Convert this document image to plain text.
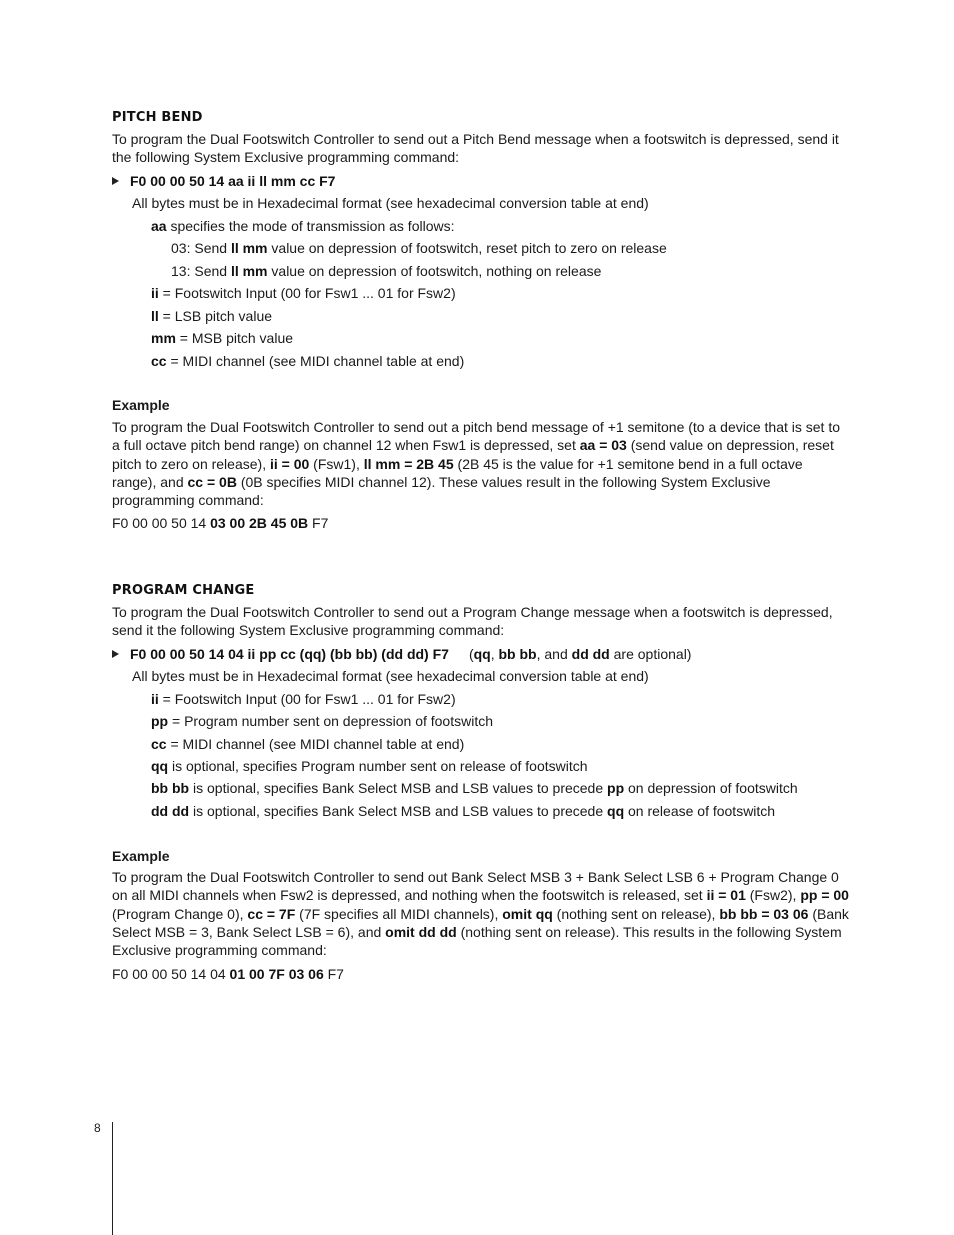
PITCH BEND

To program the Dual Footswitch Controller to send out a Pitch Bend message when a footswitch is depressed, send it the following System Exclusive programming command:

F0 00 00 50 14 aa ii ll mm cc F7
All bytes must be in Hexadecimal format (see hexadecimal conversion table at end)
aa specifies the mode of transmission as follows:
03: Send ll mm value on depression of footswitch, reset pitch to zero on release
13: Send ll mm value on depression of footswitch, nothing on release
ii = Footswitch Input (00 for Fsw1 ... 01 for Fsw2)
ll = LSB pitch value
mm = MSB pitch value
cc = MIDI channel (see MIDI channel table at end)
Example

To program the Dual Footswitch Controller to send out a pitch bend message of +1 semitone (to a device that is set to a full octave pitch bend range) on channel 12 when Fsw1 is depressed, set aa = 03 (send value on depression, reset pitch to zero on release), ii = 00 (Fsw1), ll mm = 2B 45 (2B 45 is the value for +1 semitone bend in a full octave range), and cc = 0B (0B specifies MIDI channel 12). These values result in the following System Exclusive programming command:

F0 00 00 50 14 03 00 2B 45 0B F7
PROGRAM CHANGE

To program the Dual Footswitch Controller to send out a Program Change message when a footswitch is depressed, send it the following System Exclusive programming command:

F0 00 00 50 14 04 ii pp cc (qq) (bb bb) (dd dd) F7 (qq, bb bb, and dd dd are optional)
All bytes must be in Hexadecimal format (see hexadecimal conversion table at end)
ii = Footswitch Input (00 for Fsw1 ... 01 for Fsw2)
pp = Program number sent on depression of footswitch
cc = MIDI channel (see MIDI channel table at end)
qq is optional, specifies Program number sent on release of footswitch
bb bb is optional, specifies Bank Select MSB and LSB values to precede pp on depression of footswitch
dd dd is optional, specifies Bank Select MSB and LSB values to precede qq on release of footswitch
Example

To program the Dual Footswitch Controller to send out Bank Select MSB 3 + Bank Select LSB 6 + Program Change 0 on all MIDI channels when Fsw2 is depressed, and nothing when the footswitch is released, set ii = 01 (Fsw2), pp = 00 (Program Change 0), cc = 7F (7F specifies all MIDI channels), omit qq (nothing sent on release), bb bb = 03 06 (Bank Select MSB = 3, Bank Select LSB = 6), and omit dd dd (nothing sent on release). This results in the following System Exclusive programming command:

F0 00 00 50 14 04 01 00 7F 03 06 F7
8
